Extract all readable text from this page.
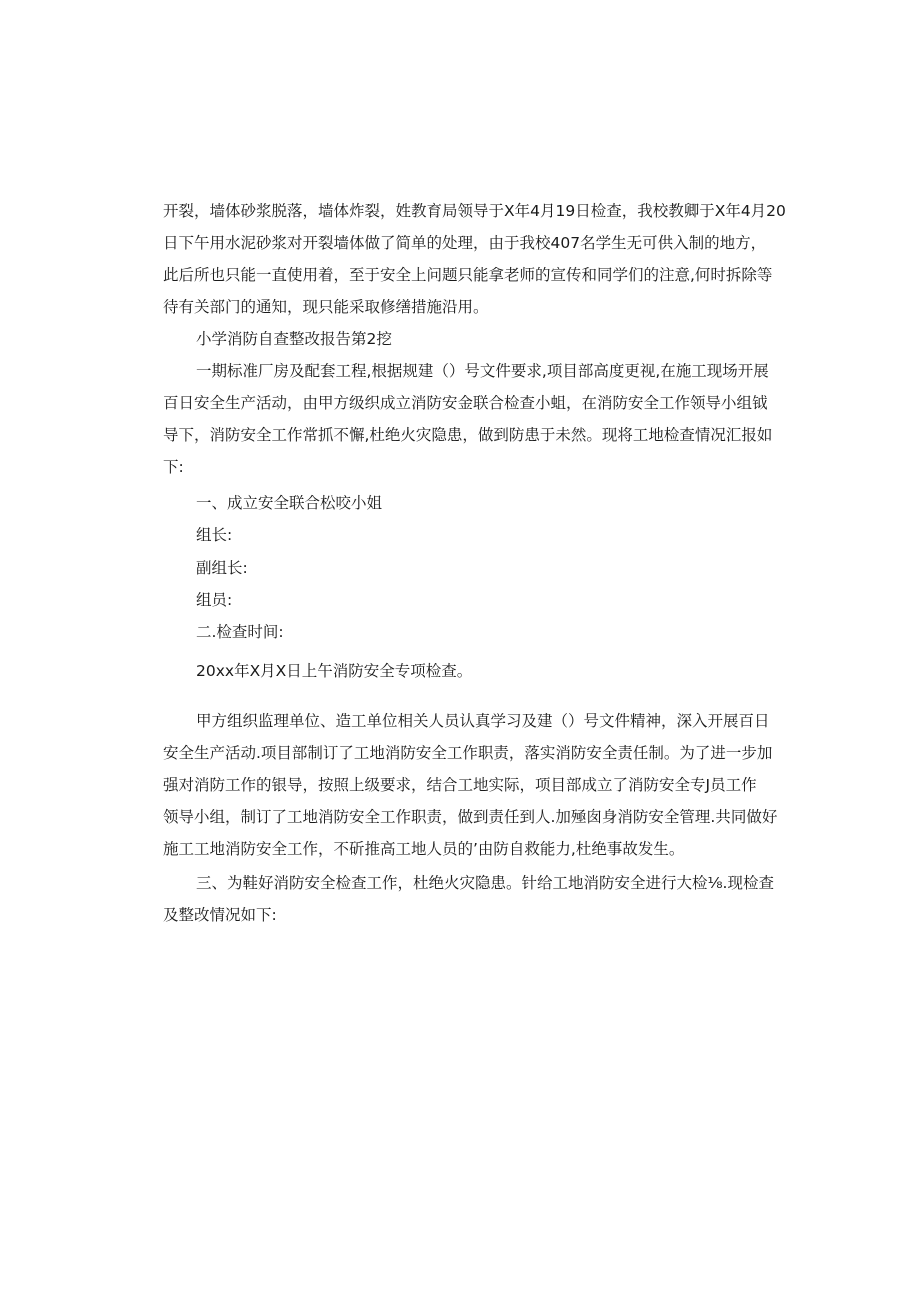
开裂，墙体砂浆脱落，墙体炸裂，姓教育局领导于X年4月19日检查，我校教卿于X年4月20
日下午用水泥砂浆对开裂墙体做了简单的处理，由于我校407名学生无可供入制的地方，
此后所也只能一直使用着，至于安全上问题只能拿老师的宣传和同学们的注意,何时拆除等
待有关部门的通知，现只能采取修缮措施沿用。
小学消防自查整改报告第2挖
一期标准厂房及配套工程,根据规建（）号文件要求,项目部高度更视,在施工现场开展
百日安全生产活动，由甲方级织成立消防安金联合检查小蛆，在消防安全工作领导小组钺
导下，消防安全工作常抓不懈,杜绝火灾隐患，做到防患于未然。现将工地检查情况汇报如
下:
一、成立安全联合松咬小姐
组长:
副组长:
组员:
二.检查时间:
20xx年X月X日上午消防安全专项检查。
甲方组织监理单位、造工单位相关人员认真学习及建（）号文件精神，深入开展百日
安全生产活动.项目部制订了工地消防安全工作职责，落实消防安全责任制。为了进一步加
强对消防工作的银导，按照上级要求，结合工地实际，项目部成立了消防安全专J员工作
领导小组，制订了工地消防安全工作职责，做到责任到人.加殛囱身消防安全管理.共同做好
施工工地消防安全工作，不斫推高工地人员的’由防自救能力,杜绝事故发生。
三、为鞋好消防安全检查工作，杜绝火灾隐患。针给工地消防安全进行大检⅛.现检查
及整改情况如下:
